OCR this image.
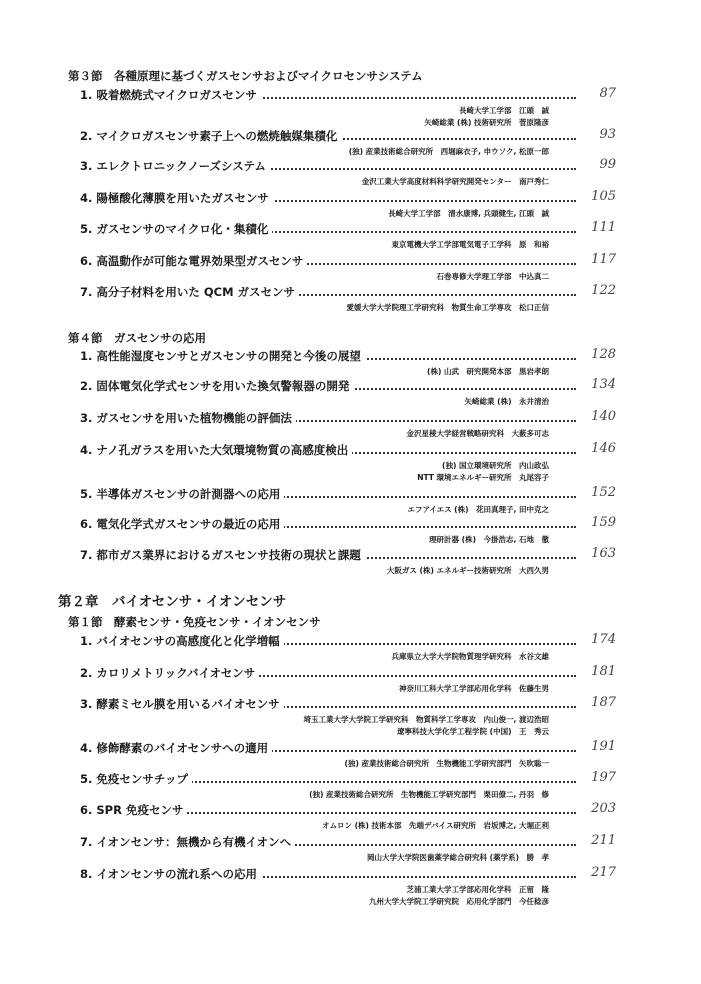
第３節　各種原理に基づくガスセンサおよびマイクロセンサシステム
1. 吸着燃焼式マイクロガスセンサ	87
長崎大学工学部　江頭　誠
矢崎総業 (株) 技術研究所　菅原隆彦
2. マイクロガスセンサ素子上への燃焼触媒集積化	93
(独) 産業技術総合研究所　西堀麻衣子, 申ウソク, 松原一郎
3. エレクトロニックノーズシステム	99
金沢工業大学高度材料科学研究開発センター　南戸秀仁
4. 陽極酸化薄膜を用いたガスセンサ	105
長崎大学工学部　清水康博, 兵頭健生, 江頭　誠
5. ガスセンサのマイクロ化・集積化	111
東京電機大学工学部電気電子工学科　原　和裕
6. 高温動作が可能な電界効果型ガスセンサ	117
石巻専修大学理工学部　中込真二
7. 高分子材料を用いた QCM ガスセンサ	122
愛媛大学大学院理工学研究科　物質生命工学専攻　松口正信
第４節　ガスセンサの応用
1. 高性能湿度センサとガスセンサの開発と今後の展望	128
(株) 山武　研究開発本部　黒岩孝朗
2. 固体電気化学式センサを用いた換気警報器の開発	134
矢崎総業 (株)　永井清治
3. ガスセンサを用いた植物機能の評価法	140
金沢星稜大学経営戦略研究科　大薮多可志
4. ナノ孔ガラスを用いた大気環境物質の高感度検出	146
(独) 国立環境研究所　内山政弘
NTT 環境エネルギー研究所　丸尾容子
5. 半導体ガスセンサの計測器への応用	152
エフアイエス (株)　花田真理子, 田中克之
6. 電気化学式ガスセンサの最近の応用	159
理研計器 (株)　今掛浩志, 石地　徹
7. 都市ガス業界におけるガスセンサ技術の現状と課題	163
大阪ガス (株) エネルギー技術研究所　大西久男
第２章　バイオセンサ・イオンセンサ
第１節　酵素センサ・免疫センサ・イオンセンサ
1. バイオセンサの高感度化と化学増幅	174
兵庫県立大学大学院物質理学研究科　水谷文雄
2. カロリメトリックバイオセンサ	181
神奈川工科大学工学部応用化学科　佐藤生男
3. 酵素ミセル膜を用いるバイオセンサ	187
埼玉工業大学大学院工学研究科　物質科学工学専攻　内山俊一, 渡辺浩昭
遼寧科技大学化学工程学院 (中国)　王　秀云
4. 修飾酵素のバイオセンサへの適用	191
(独) 産業技術総合研究所　生物機能工学研究部門　矢吹聡一
5. 免疫センサチップ	197
(独) 産業技術総合研究所　生物機能工学研究部門　栗田僚二, 丹羽　修
6. SPR 免疫センサ	203
オムロン (株) 技術本部　先端デバイス研究所　岩坂博之, 大堀正利
7. イオンセンサ：無機から有機イオンへ	211
岡山大学大学院医歯薬学総合研究科 (薬学系)　勝　孝
8. イオンセンサの流れ系への応用	217
芝浦工業大学工学部応用化学科　正留　隆
九州大学大学院工学研究院　応用化学部門　今任稔彦
